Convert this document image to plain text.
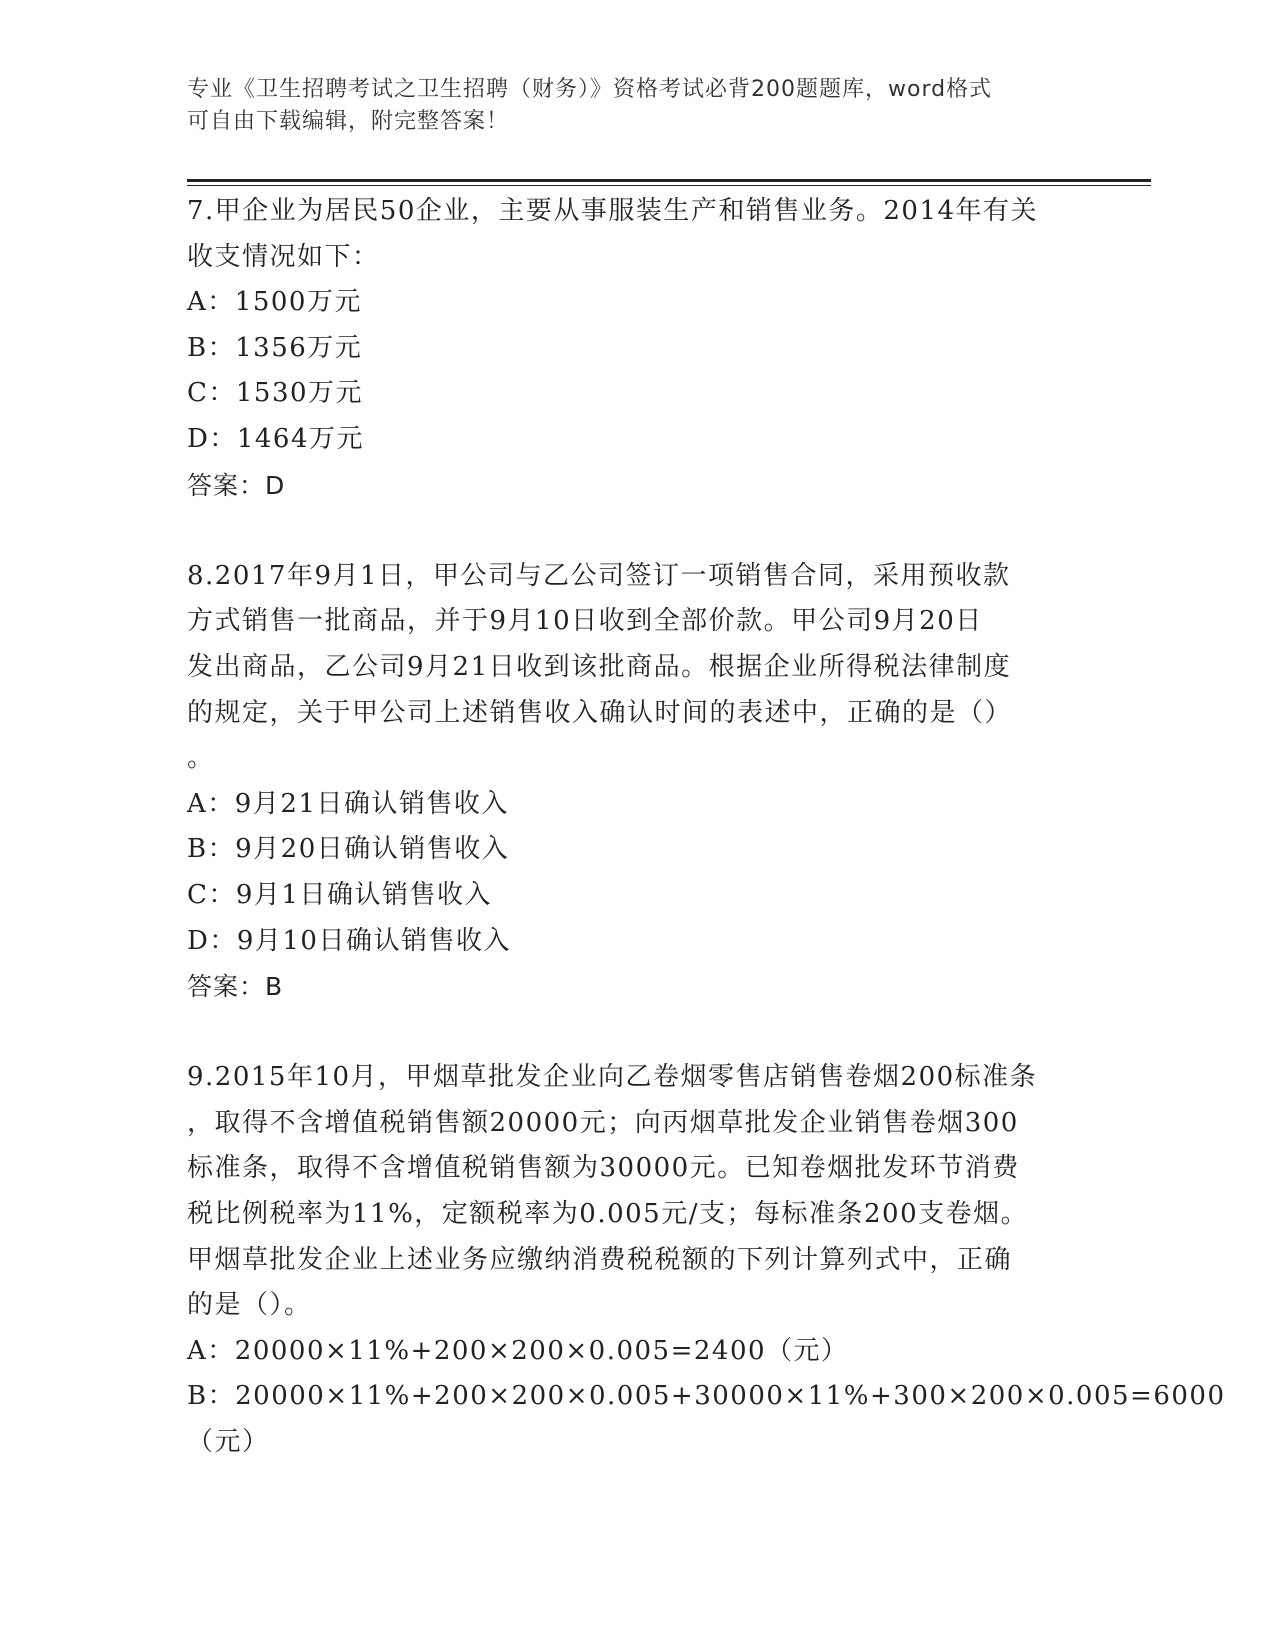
专业《卫生招聘考试之卫生招聘（财务）》资格考试必背200题题库，word格式
可自由下载编辑，附完整答案！
7.甲企业为居民50企业，主要从事服装生产和销售业务。2014年有关
收支情况如下：
A：1500万元
B：1356万元
C：1530万元
D：1464万元
答案：D
8.2017年9月1日，甲公司与乙公司签订一项销售合同，采用预收款
方式销售一批商品，并于9月10日收到全部价款。甲公司9月20日
发出商品，乙公司9月21日收到该批商品。根据企业所得税法律制度
的规定，关于甲公司上述销售收入确认时间的表述中，正确的是（）
。
A：9月21日确认销售收入
B：9月20日确认销售收入
C：9月1日确认销售收入
D：9月10日确认销售收入
答案：B
9.2015年10月，甲烟草批发企业向乙卷烟零售店销售卷烟200标准条
，取得不含增值税销售额20000元；向丙烟草批发企业销售卷烟300
标准条，取得不含增值税销售额为30000元。已知卷烟批发环节消费
税比例税率为11%，定额税率为0.005元/支；每标准条200支卷烟。
甲烟草批发企业上述业务应缴纳消费税税额的下列计算列式中，正确
的是（）。
A：20000×11%+200×200×0.005=2400（元）
B：20000×11%+200×200×0.005+30000×11%+300×200×0.005=6000
（元）
